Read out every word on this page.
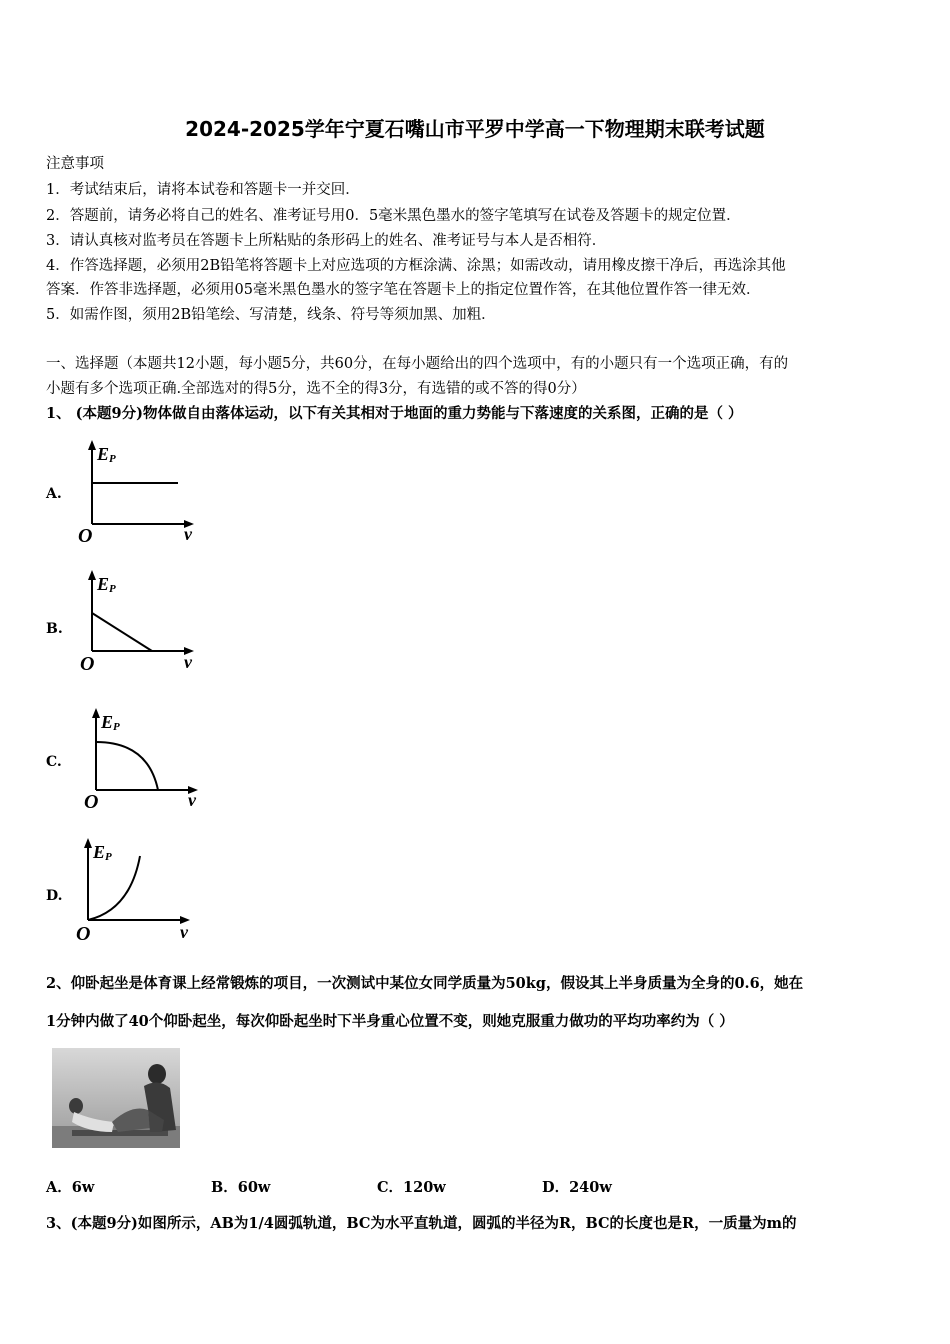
2024-2025学年宁夏石嘴山市平罗中学高一下物理期末联考试题
注意事项
1．考试结束后，请将本试卷和答题卡一并交回．
2．答题前，请务必将自己的姓名、准考证号用0．5毫米黑色墨水的签字笔填写在试卷及答题卡的规定位置．
3．请认真核对监考员在答题卡上所粘贴的条形码上的姓名、准考证号与本人是否相符．
4．作答选择题，必须用2B铅笔将答题卡上对应选项的方框涂满、涂黑；如需改动，请用橡皮擦干净后，再选涂其他
答案．作答非选择题，必须用05毫米黑色墨水的签字笔在答题卡上的指定位置作答，在其他位置作答一律无效．
5．如需作图，须用2B铅笔绘、写清楚，线条、符号等须加黑、加粗．
一、选择题（本题共12小题，每小题5分，共60分，在每小题给出的四个选项中，有的小题只有一个选项正确，有的
小题有多个选项正确.全部选对的得5分，选不全的得3分，有选错的或不答的得0分）
1、 (本题9分)物体做自由落体运动，以下有关其相对于地面的重力势能与下落速度的关系图，正确的是（ ）
A.
EP
O	v
B.
EP
O	v
C.
EP
O	v
D.
EP
O	v
2、仰卧起坐是体育课上经常锻炼的项目，一次测试中某位女同学质量为50kg，假设其上半身质量为全身的0.6，她在
1分钟内做了40个仰卧起坐，每次仰卧起坐时下半身重心位置不变，则她克服重力做功的平均功率约为（ ）
A．6w	B．60w	C．120w	D．240w
3、(本题9分)如图所示，AB为1/4圆弧轨道，BC为水平直轨道，圆弧的半径为R，BC的长度也是R，一质量为m的
